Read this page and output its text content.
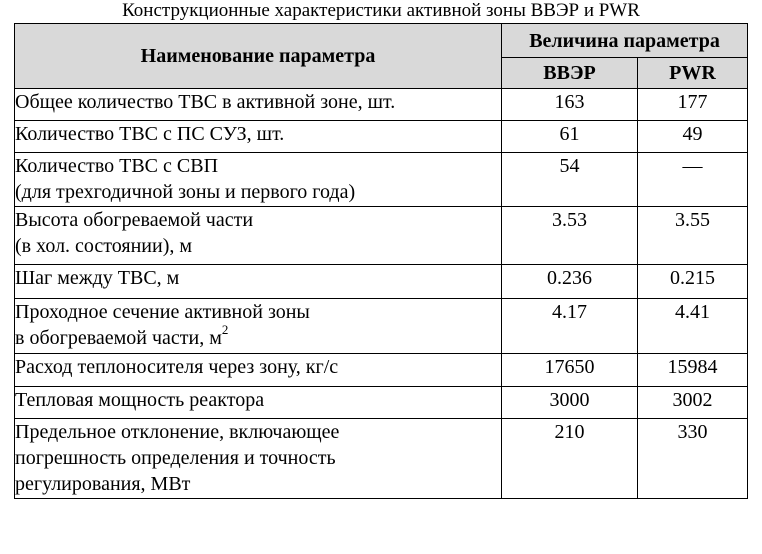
Конструкционные характеристики активной зоны ВВЭР и PWR
Наименование параметра	Величина параметра	
	ВВЭР	PWR
Общее количество ТВС в активной зоне, шт.	163	177
Количество ТВС с ПС СУЗ, шт.	61	49
Количество ТВС с СВП
(для трехгодичной зоны и первого года)	54	—
Высота обогреваемой части
(в хол. состоянии), м	3.53	3.55
Шаг между ТВС, м	0.236	0.215
Проходное сечение активной зоны
в обогреваемой части, $м^2$	4.17	4.41
Расход теплоносителя через зону, кг/с	17650	15984
Тепловая мощность реактора	3000	3002
Предельное отклонение, включающее
погрешность определения и точность
регулирования, МВт	210	330
